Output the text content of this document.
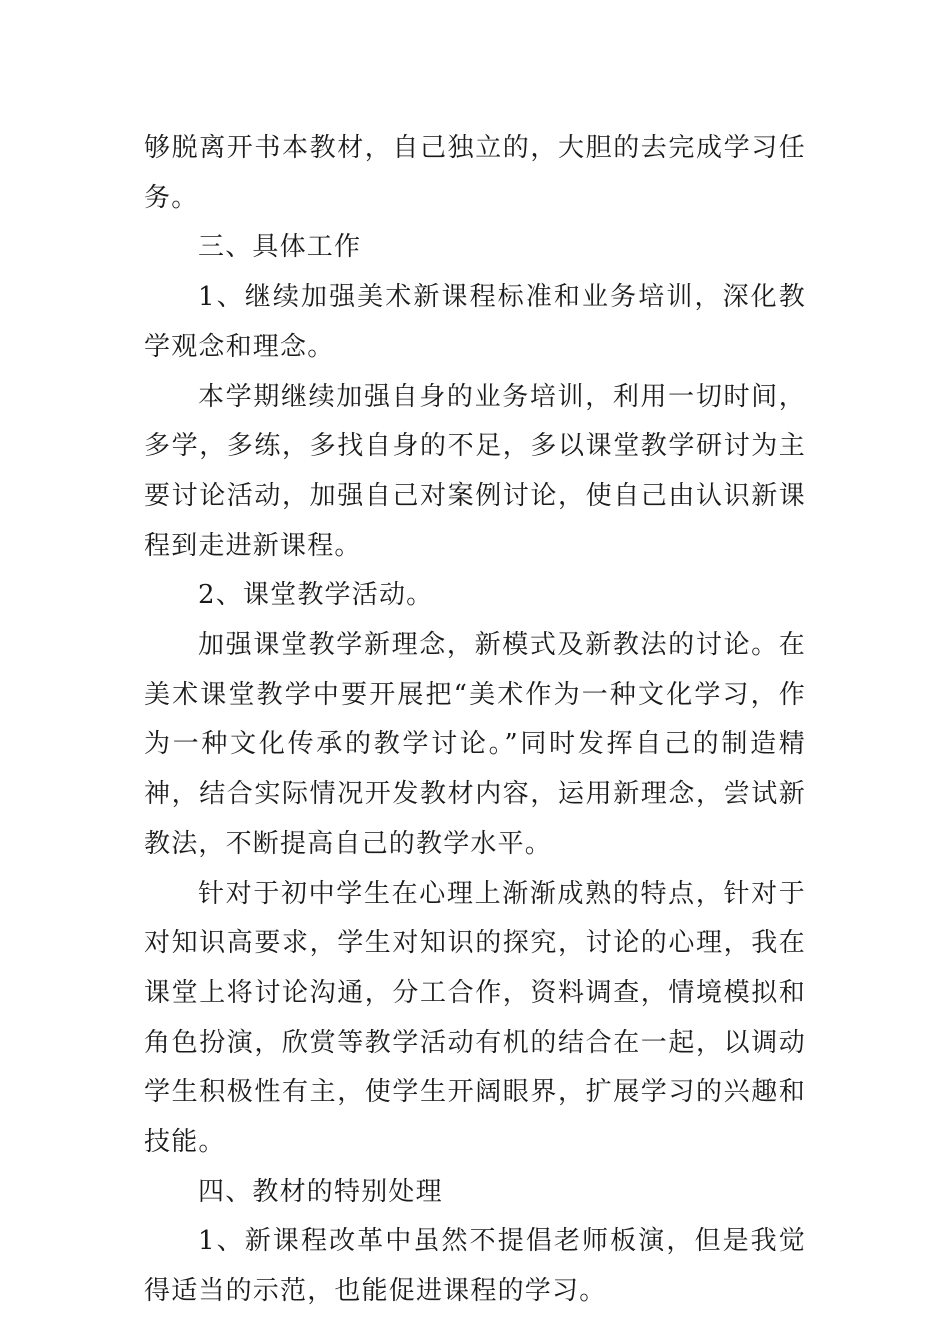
够脱离开书本教材，自己独立的，大胆的去完成学习任务。

三、具体工作

1、继续加强美术新课程标准和业务培训，深化教学观念和理念。

本学期继续加强自身的业务培训，利用一切时间，多学，多练，多找自身的不足，多以课堂教学研讨为主要讨论活动，加强自己对案例讨论，使自己由认识新课程到走进新课程。

2、课堂教学活动。

加强课堂教学新理念，新模式及新教法的讨论。在美术课堂教学中要开展把“美术作为一种文化学习，作为一种文化传承的教学讨论。”同时发挥自己的制造精神，结合实际情况开发教材内容，运用新理念，尝试新教法，不断提高自己的教学水平。

针对于初中学生在心理上渐渐成熟的特点，针对于对知识高要求，学生对知识的探究，讨论的心理，我在课堂上将讨论沟通，分工合作，资料调查，情境模拟和角色扮演，欣赏等教学活动有机的结合在一起，以调动学生积极性有主，使学生开阔眼界，扩展学习的兴趣和技能。

四、教材的特别处理

1、新课程改革中虽然不提倡老师板演，但是我觉得适当的示范，也能促进课程的学习。
